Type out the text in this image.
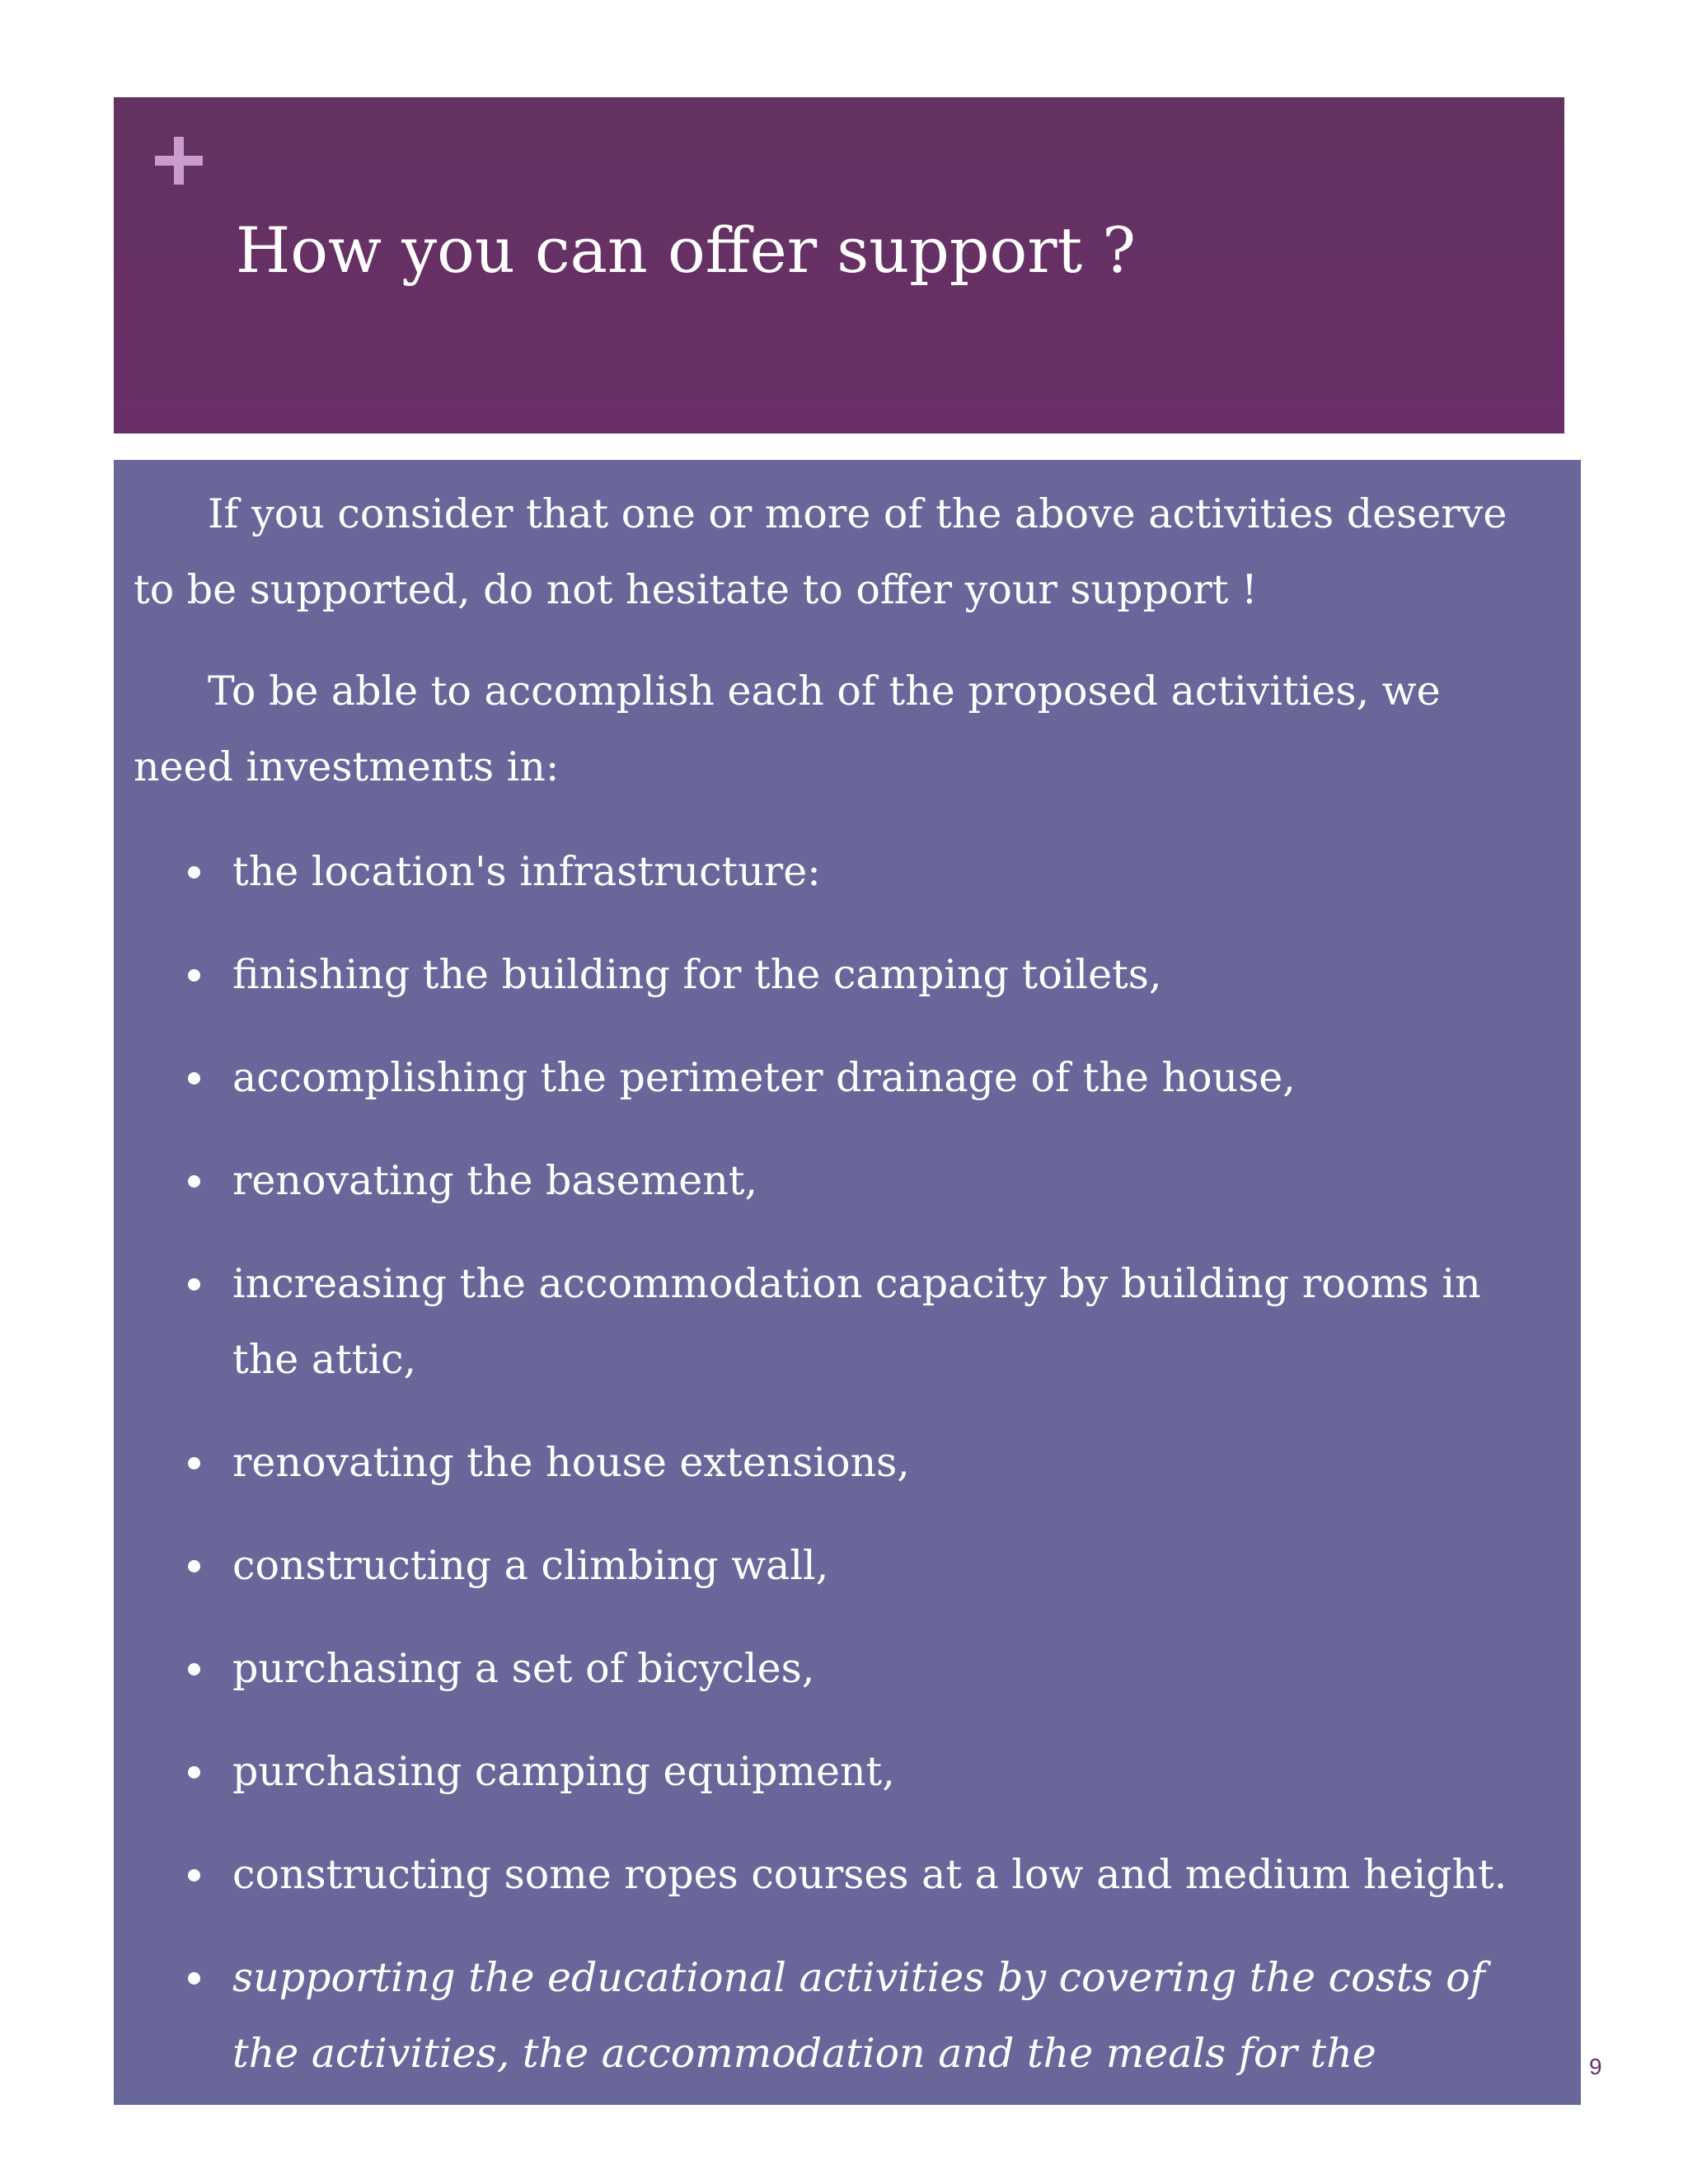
How you can offer support ?

If you consider that one or more of the above activities deserve to be supported, do not hesitate to offer your support !

To be able to accomplish each of the proposed activities, we need investments in:

the location's infrastructure:
finishing the building for the camping toilets,
accomplishing the perimeter drainage of the house,
renovating the basement,
increasing the accommodation capacity by building rooms in the attic,
renovating the house extensions,
constructing a climbing wall,
purchasing a set of bicycles,
purchasing camping equipment,
constructing some ropes courses at a low and medium height.
supporting the educational activities by covering the costs of the activities, the accommodation and the meals for the volunteers.
9
